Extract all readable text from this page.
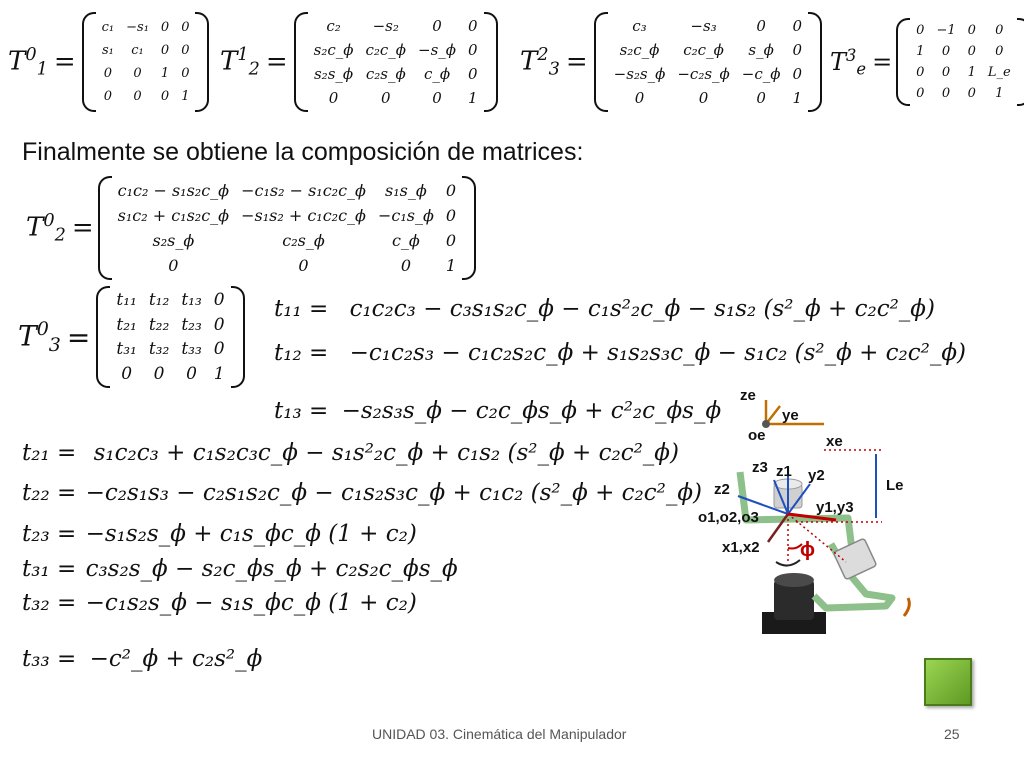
$T^0_1$ =
c₁	−s₁	0	0
s₁	c₁	0	0
0	0	1	0
0	0	0	1
$T^1_2$ =
c₂	−s₂	0	0
s₂c_ϕ	c₂c_ϕ	−s_ϕ	0
s₂s_ϕ	c₂s_ϕ	c_ϕ	0
0	0	0	1
$T^2_3$ =
c₃	−s₃	0	0
s₂c_ϕ	c₂c_ϕ	s_ϕ	0
−s₂s_ϕ	−c₂s_ϕ	−c_ϕ	0
0	0	0	1
$T^3_e$ =
0	−1	0	0
1	0	0	0
0	0	1	L_e
0	0	0	1
Finalmente se obtiene la composición de matrices:
$T^0_2$ =
c₁c₂ − s₁s₂c_ϕ	−c₁s₂ − s₁c₂c_ϕ	s₁s_ϕ	0
s₁c₂ + c₁s₂c_ϕ	−s₁s₂ + c₁c₂c_ϕ	−c₁s_ϕ	0
s₂s_ϕ	c₂s_ϕ	c_ϕ	0
0	0	0	1
$T^0_3$ =
t₁₁	t₁₂	t₁₃	0
t₂₁	t₂₂	t₂₃	0
t₃₁	t₃₂	t₃₃	0
0	0	0	1
t₁₁ = c₁c₂c₃ − c₃s₁s₂c_ϕ − c₁s²₂c_ϕ − s₁s₂ (s²_ϕ + c₂c²_ϕ)
t₁₂ = −c₁c₂s₃ − c₁c₂s₂c_ϕ + s₁s₂s₃c_ϕ − s₁c₂ (s²_ϕ + c₂c²_ϕ)
t₁₃ = −s₂s₃s_ϕ − c₂c_ϕs_ϕ + c²₂c_ϕs_ϕ
t₂₁ = s₁c₂c₃ + c₁s₂c₃c_ϕ − s₁s²₂c_ϕ + c₁s₂ (s²_ϕ + c₂c²_ϕ)
t₂₂ = −c₂s₁s₃ − c₂s₁s₂c_ϕ − c₁s₂s₃c_ϕ + c₁c₂ (s²_ϕ + c₂c²_ϕ)
t₂₃ = −s₁s₂s_ϕ + c₁s_ϕc_ϕ (1 + c₂)
t₃₁ = c₃s₂s_ϕ − s₂c_ϕs_ϕ + c₂s₂c_ϕs_ϕ
t₃₂ = −c₁s₂s_ϕ − s₁s_ϕc_ϕ (1 + c₂)
t₃₃ = −c²_ϕ + c₂s²_ϕ
ze
ye
oe	xe
Le
z3 z1 y2
z2
y1,y3
o1,o2,o3
x1,x2 ϕ
UNIDAD 03. Cinemática del Manipulador	25
